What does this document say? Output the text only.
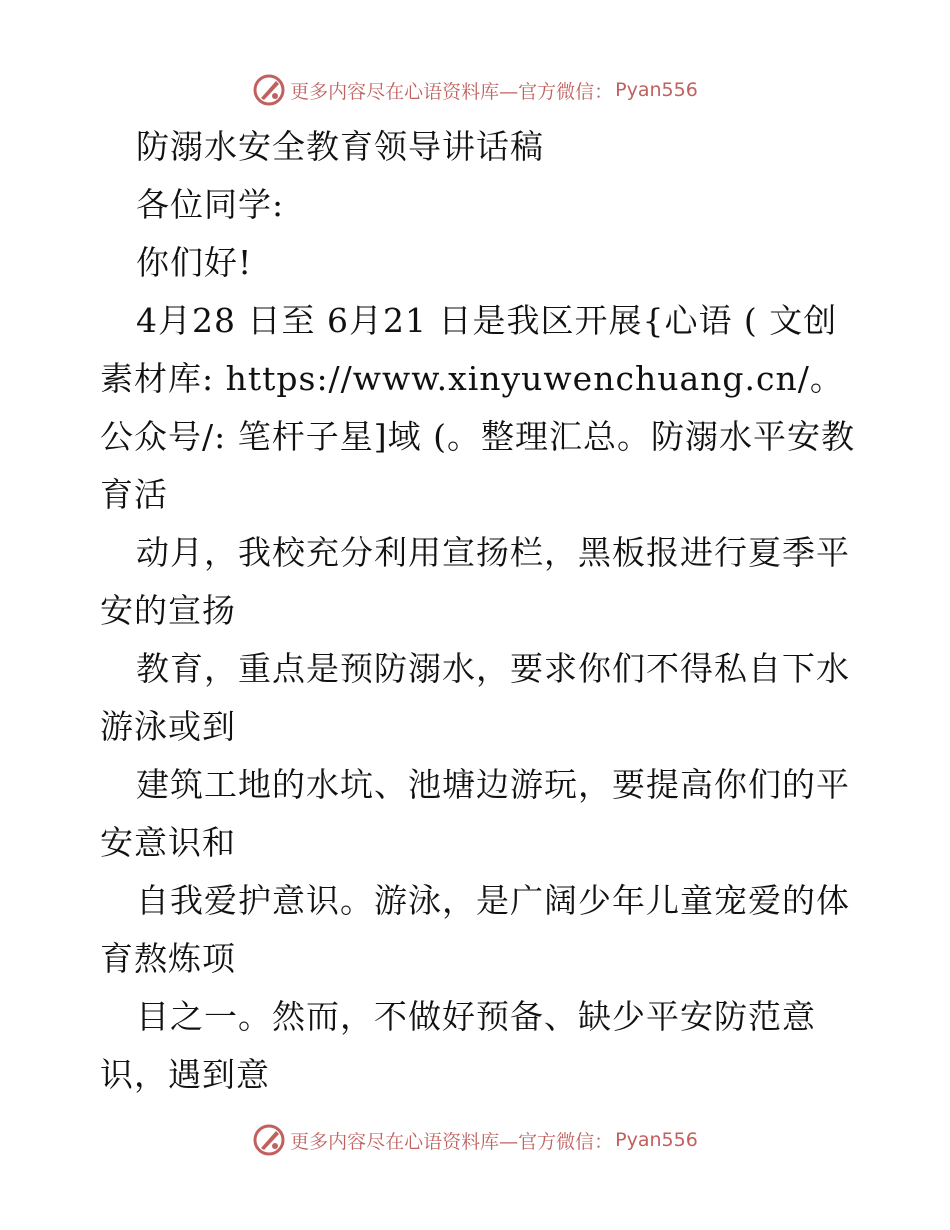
更多内容尽在心语资料库—官方微信： Pyan556

防溺水安全教育领导讲话稿

各位同学:

你们好!

4月28 日至 6月21 日是我区开展{心语 ( 文创素材库: https://www.xinyuwenchuang.cn/。公众号/: 笔杆子星]域 (。整理汇总。防溺水平安教育活

动月，我校充分利用宣扬栏，黑板报进行夏季平安的宣扬

教育，重点是预防溺水，要求你们不得私自下水游泳或到

建筑工地的水坑、池塘边游玩，要提高你们的平安意识和

自我爱护意识。游泳，是广阔少年儿童宠爱的体育熬炼项

目之一。然而，不做好预备、缺少平安防范意识，遇到意

更多内容尽在心语资料库—官方微信： Pyan556
